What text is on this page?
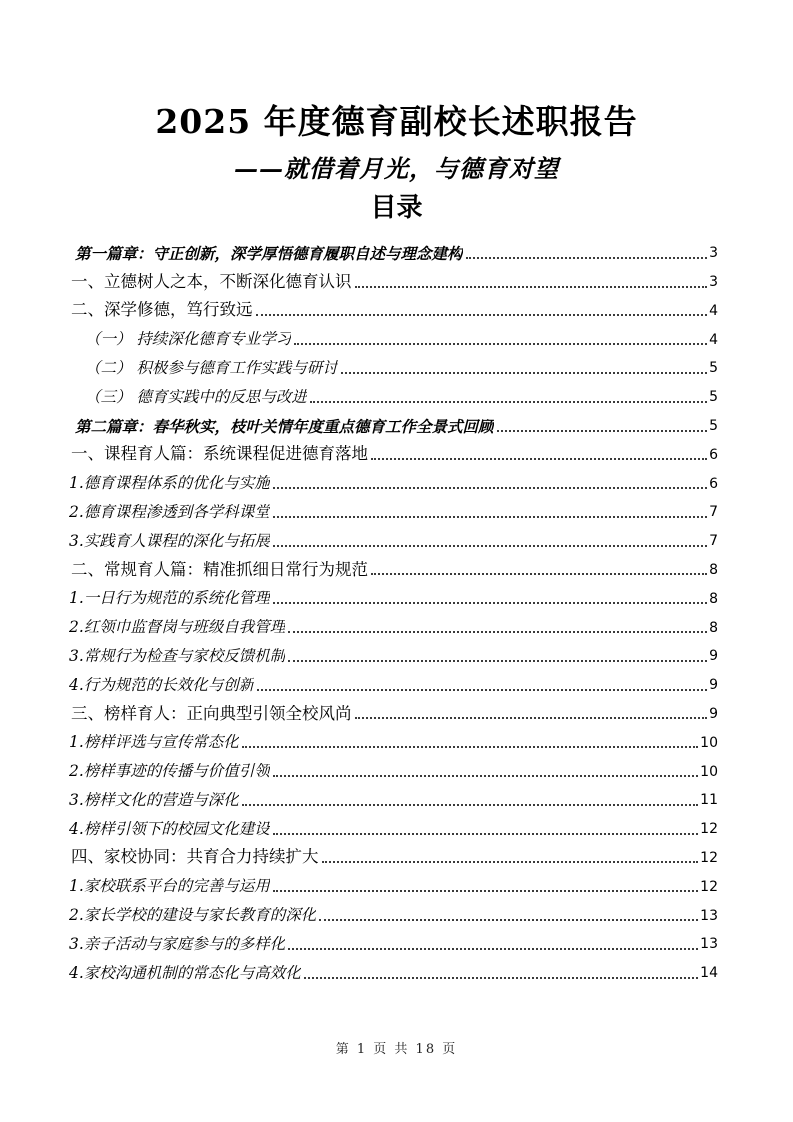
2025 年度德育副校长述职报告
——就借着月光，与德育对望
目录
第一篇章：守正创新，深学厚悟德育履职自述与理念建构	3
一、立德树人之本，不断深化德育认识	3
二、深学修德，笃行致远	4
（一） 持续深化德育专业学习	4
（二） 积极参与德育工作实践与研讨	5
（三） 德育实践中的反思与改进	5
第二篇章：春华秋实，枝叶关情年度重点德育工作全景式回顾	5
一、课程育人篇：系统课程促进德育落地	6
1.德育课程体系的优化与实施	6
2.德育课程渗透到各学科课堂	7
3.实践育人课程的深化与拓展	7
二、常规育人篇：精准抓细日常行为规范	8
1.一日行为规范的系统化管理	8
2.红领巾监督岗与班级自我管理	8
3.常规行为检查与家校反馈机制	9
4.行为规范的长效化与创新	9
三、榜样育人：正向典型引领全校风尚	9
1.榜样评选与宣传常态化	10
2.榜样事迹的传播与价值引领	10
3.榜样文化的营造与深化	11
4.榜样引领下的校园文化建设	12
四、家校协同：共育合力持续扩大	12
1.家校联系平台的完善与运用	12
2.家长学校的建设与家长教育的深化	13
3.亲子活动与家庭参与的多样化	13
4.家校沟通机制的常态化与高效化	14
第 1 页 共 18 页
